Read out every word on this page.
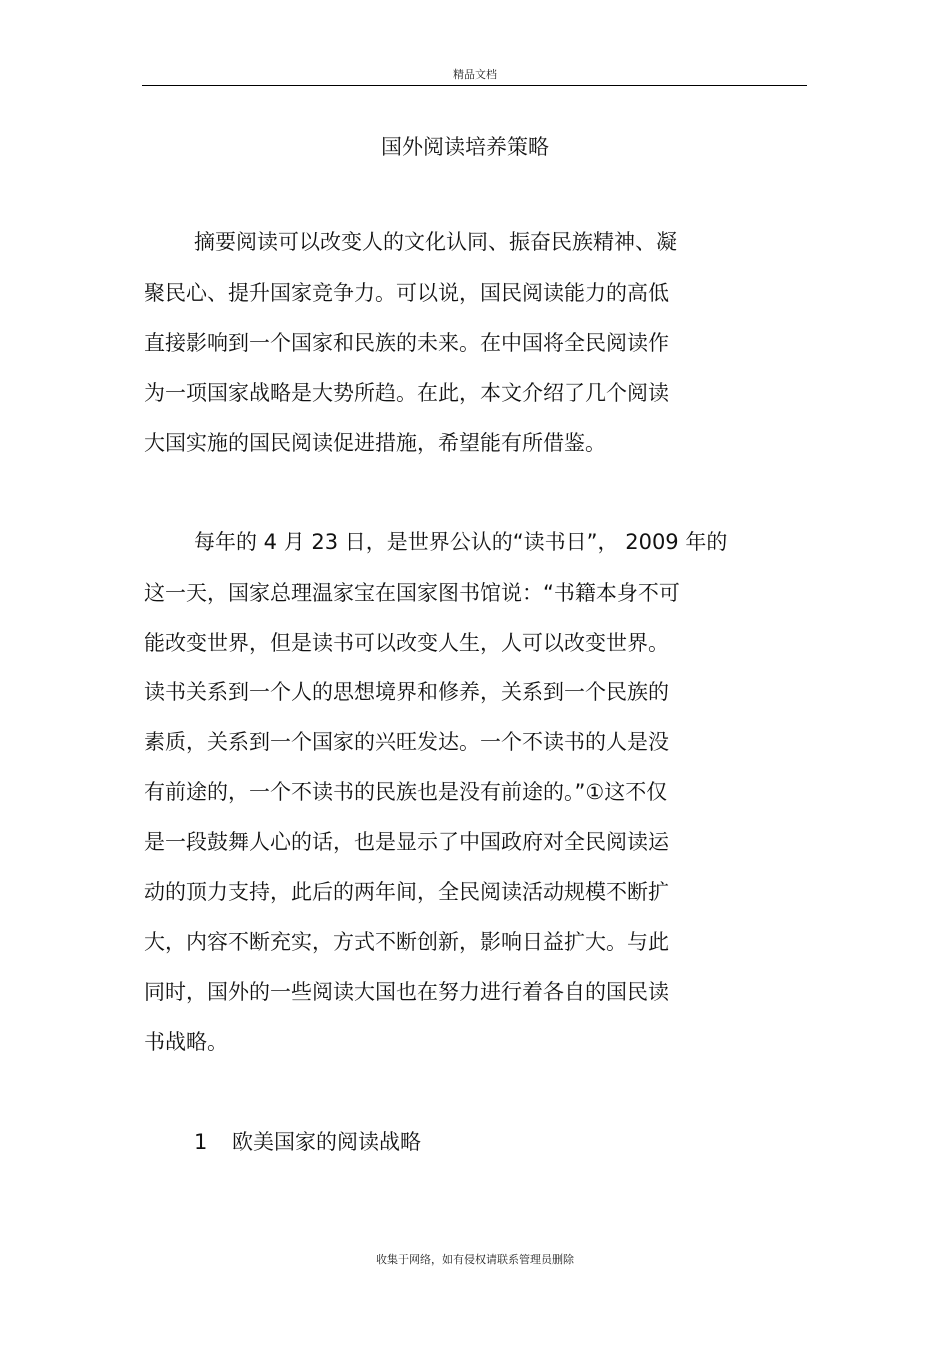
精品文档
国外阅读培养策略
摘要阅读可以改变人的文化认同、振奋民族精神、凝
聚民心、提升国家竞争力。可以说，国民阅读能力的高低
直接影响到一个国家和民族的未来。在中国将全民阅读作
为一项国家战略是大势所趋。在此，本文介绍了几个阅读
大国实施的国民阅读促进措施，希望能有所借鉴。
每年的 4 月 23 日，是世界公认的“读书日”， 2009 年的
这一天，国家总理温家宝在国家图书馆说：“书籍本身不可
能改变世界，但是读书可以改变人生，人可以改变世界。
读书关系到一个人的思想境界和修养，关系到一个民族的
素质，关系到一个国家的兴旺发达。一个不读书的人是没
有前途的，一个不读书的民族也是没有前途的。”①这不仅
是一段鼓舞人心的话，也是显示了中国政府对全民阅读运
动的顶力支持，此后的两年间，全民阅读活动规模不断扩
大，内容不断充实，方式不断创新，影响日益扩大。与此
同时，国外的一些阅读大国也在努力进行着各自的国民读
书战略。
1 欧美国家的阅读战略
收集于网络，如有侵权请联系管理员删除
